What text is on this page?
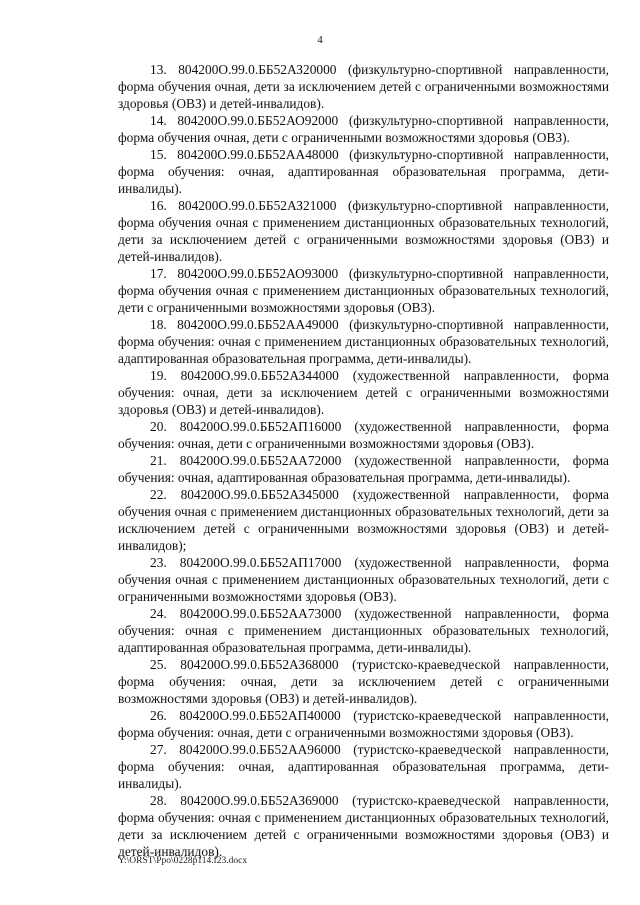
4

13. 804200О.99.0.ББ52АЗ20000 (физкультурно-спортивной направленности, форма обучения очная, дети за исключением детей с ограниченными возможностями здоровья (ОВЗ) и детей-инвалидов).

14. 804200О.99.0.ББ52АО92000 (физкультурно-спортивной направленности, форма обучения очная, дети с ограниченными возможностями здоровья (ОВЗ).

15. 804200О.99.0.ББ52АА48000 (физкультурно-спортивной направленности, форма обучения: очная, адаптированная образовательная программа, дети-инвалиды).

16. 804200О.99.0.ББ52АЗ21000 (физкультурно-спортивной направленности, форма обучения очная с применением дистанционных образовательных технологий, дети за исключением детей с ограниченными возможностями здоровья (ОВЗ) и детей-инвалидов).

17. 804200О.99.0.ББ52АО93000 (физкультурно-спортивной направленности, форма обучения очная с применением дистанционных образовательных технологий, дети с ограниченными возможностями здоровья (ОВЗ).

18. 804200О.99.0.ББ52АА49000 (физкультурно-спортивной направленности, форма обучения: очная с применением дистанционных образовательных технологий, адаптированная образовательная программа, дети-инвалиды).

19. 804200О.99.0.ББ52АЗ44000 (художественной направленности, форма обучения: очная, дети за исключением детей с ограниченными возможностями здоровья (ОВЗ) и детей-инвалидов).

20. 804200О.99.0.ББ52АП16000 (художественной направленности, форма обучения: очная, дети с ограниченными возможностями здоровья (ОВЗ).

21. 804200О.99.0.ББ52АА72000 (художественной направленности, форма обучения: очная, адаптированная образовательная программа, дети-инвалиды).

22. 804200О.99.0.ББ52АЗ45000 (художественной направленности, форма обучения очная с применением дистанционных образовательных технологий, дети за исключением детей с ограниченными возможностями здоровья (ОВЗ) и детей-инвалидов);

23. 804200О.99.0.ББ52АП17000 (художественной направленности, форма обучения очная с применением дистанционных образовательных технологий, дети с ограниченными возможностями здоровья (ОВЗ).

24. 804200О.99.0.ББ52АА73000 (художественной направленности, форма обучения: очная с применением дистанционных образовательных технологий, адаптированная образовательная программа, дети-инвалиды).

25. 804200О.99.0.ББ52АЗ68000 (туристско-краеведческой направленности, форма обучения: очная, дети за исключением детей с ограниченными возможностями здоровья (ОВЗ) и детей-инвалидов).

26. 804200О.99.0.ББ52АП40000 (туристско-краеведческой направленности, форма обучения: очная, дети с ограниченными возможностями здоровья (ОВЗ).

27. 804200О.99.0.ББ52АА96000 (туристско-краеведческой направленности, форма обучения: очная, адаптированная образовательная программа, дети-инвалиды).

28. 804200О.99.0.ББ52АЗ69000 (туристско-краеведческой направленности, форма обучения: очная с применением дистанционных образовательных технологий, дети за исключением детей с ограниченными возможностями здоровья (ОВЗ) и детей-инвалидов).

Y:\ORST\Ppo\0228p114.f23.docx
